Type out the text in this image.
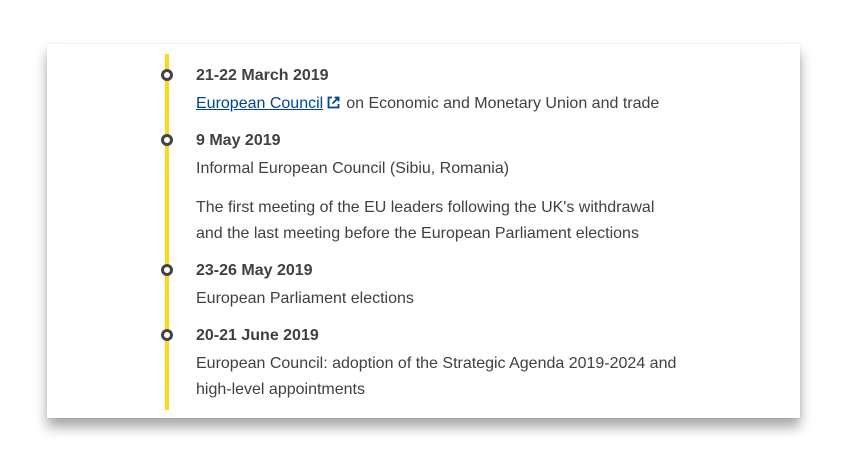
21-22 March 2019
European Council on Economic and Monetary Union and trade
9 May 2019
Informal European Council (Sibiu, Romania)
The first meeting of the EU leaders following the UK's withdrawal
and the last meeting before the European Parliament elections
23-26 May 2019
European Parliament elections
20-21 June 2019
European Council: adoption of the Strategic Agenda 2019-2024 and
high-level appointments
